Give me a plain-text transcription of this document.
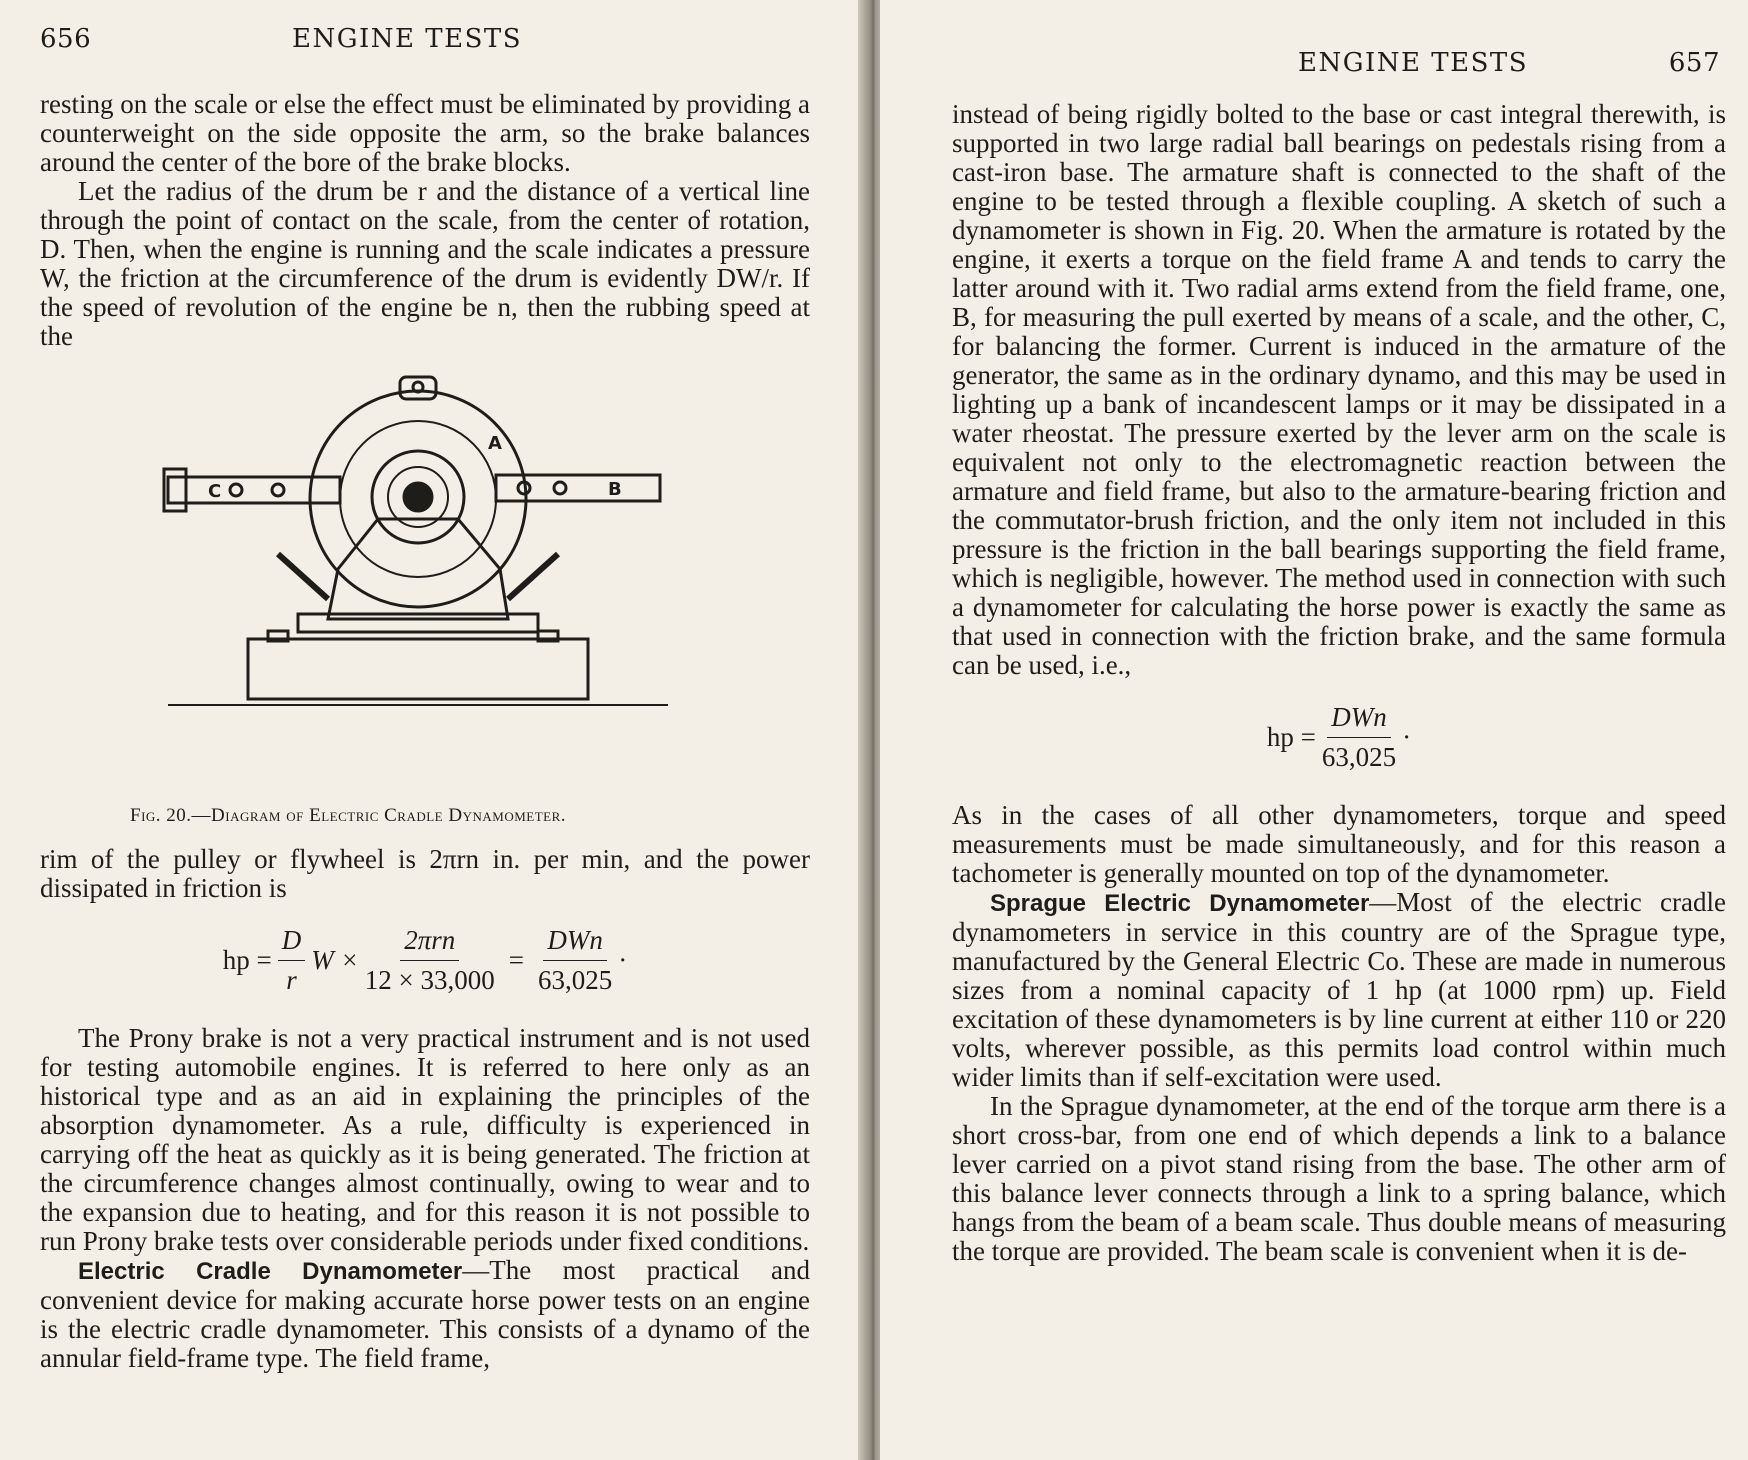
656	ENGINE TESTS

resting on the scale or else the effect must be eliminated by providing a counterweight on the side opposite the arm, so the brake balances around the center of the bore of the brake blocks.

Let the radius of the drum be r and the distance of a vertical line through the point of contact on the scale, from the center of rotation, D. Then, when the engine is running and the scale indicates a pressure W, the friction at the circumference of the drum is evidently DW/r. If the speed of revolution of the engine be n, then the rubbing speed at the

A
B
C
Fig. 20.—Diagram of Electric Cradle Dynamometer.

rim of the pulley or flywheel is 2πrn in. per min, and the power dissipated in friction is

hp = $\frac{D}{r}$ $W \times \frac{\text{2πrn}}{12 \times 33,000} = \frac{\text{DWn}}{63,025}$ ·

The Prony brake is not a very practical instrument and is not used for testing automobile engines. It is referred to here only as an historical type and as an aid in explaining the principles of the absorption dynamometer. As a rule, difficulty is experienced in carrying off the heat as quickly as it is being generated. The friction at the circumference changes almost continually, owing to wear and to the expansion due to heating, and for this reason it is not possible to run Prony brake tests over considerable periods under fixed conditions.

Electric Cradle Dynamometer—The most practical and convenient device for making accurate horse power tests on an engine is the electric cradle dynamometer. This consists of a dynamo of the annular field-frame type. The field frame,

ENGINE TESTS	657

instead of being rigidly bolted to the base or cast integral therewith, is supported in two large radial ball bearings on pedestals rising from a cast-iron base. The armature shaft is connected to the shaft of the engine to be tested through a flexible coupling. A sketch of such a dynamometer is shown in Fig. 20. When the armature is rotated by the engine, it exerts a torque on the field frame A and tends to carry the latter around with it. Two radial arms extend from the field frame, one, B, for measuring the pull exerted by means of a scale, and the other, C, for balancing the former. Current is induced in the armature of the generator, the same as in the ordinary dynamo, and this may be used in lighting up a bank of incandescent lamps or it may be dissipated in a water rheostat. The pressure exerted by the lever arm on the scale is equivalent not only to the electromagnetic reaction between the armature and field frame, but also to the armature-bearing friction and the commutator-brush friction, and the only item not included in this pressure is the friction in the ball bearings supporting the field frame, which is negligible, however. The method used in connection with such a dynamometer for calculating the horse power is exactly the same as that used in connection with the friction brake, and the same formula can be used, i.e.,

hp = $\frac{\text{DWn}}{63,025}$ ·

As in the cases of all other dynamometers, torque and speed measurements must be made simultaneously, and for this reason a tachometer is generally mounted on top of the dynamometer.

Sprague Electric Dynamometer—Most of the electric cradle dynamometers in service in this country are of the Sprague type, manufactured by the General Electric Co. These are made in numerous sizes from a nominal capacity of 1 hp (at 1000 rpm) up. Field excitation of these dynamometers is by line current at either 110 or 220 volts, wherever possible, as this permits load control within much wider limits than if self-excitation were used.

In the Sprague dynamometer, at the end of the torque arm there is a short cross-bar, from one end of which depends a link to a balance lever carried on a pivot stand rising from the base. The other arm of this balance lever connects through a link to a spring balance, which hangs from the beam of a beam scale. Thus double means of measuring the torque are provided. The beam scale is convenient when it is de-
